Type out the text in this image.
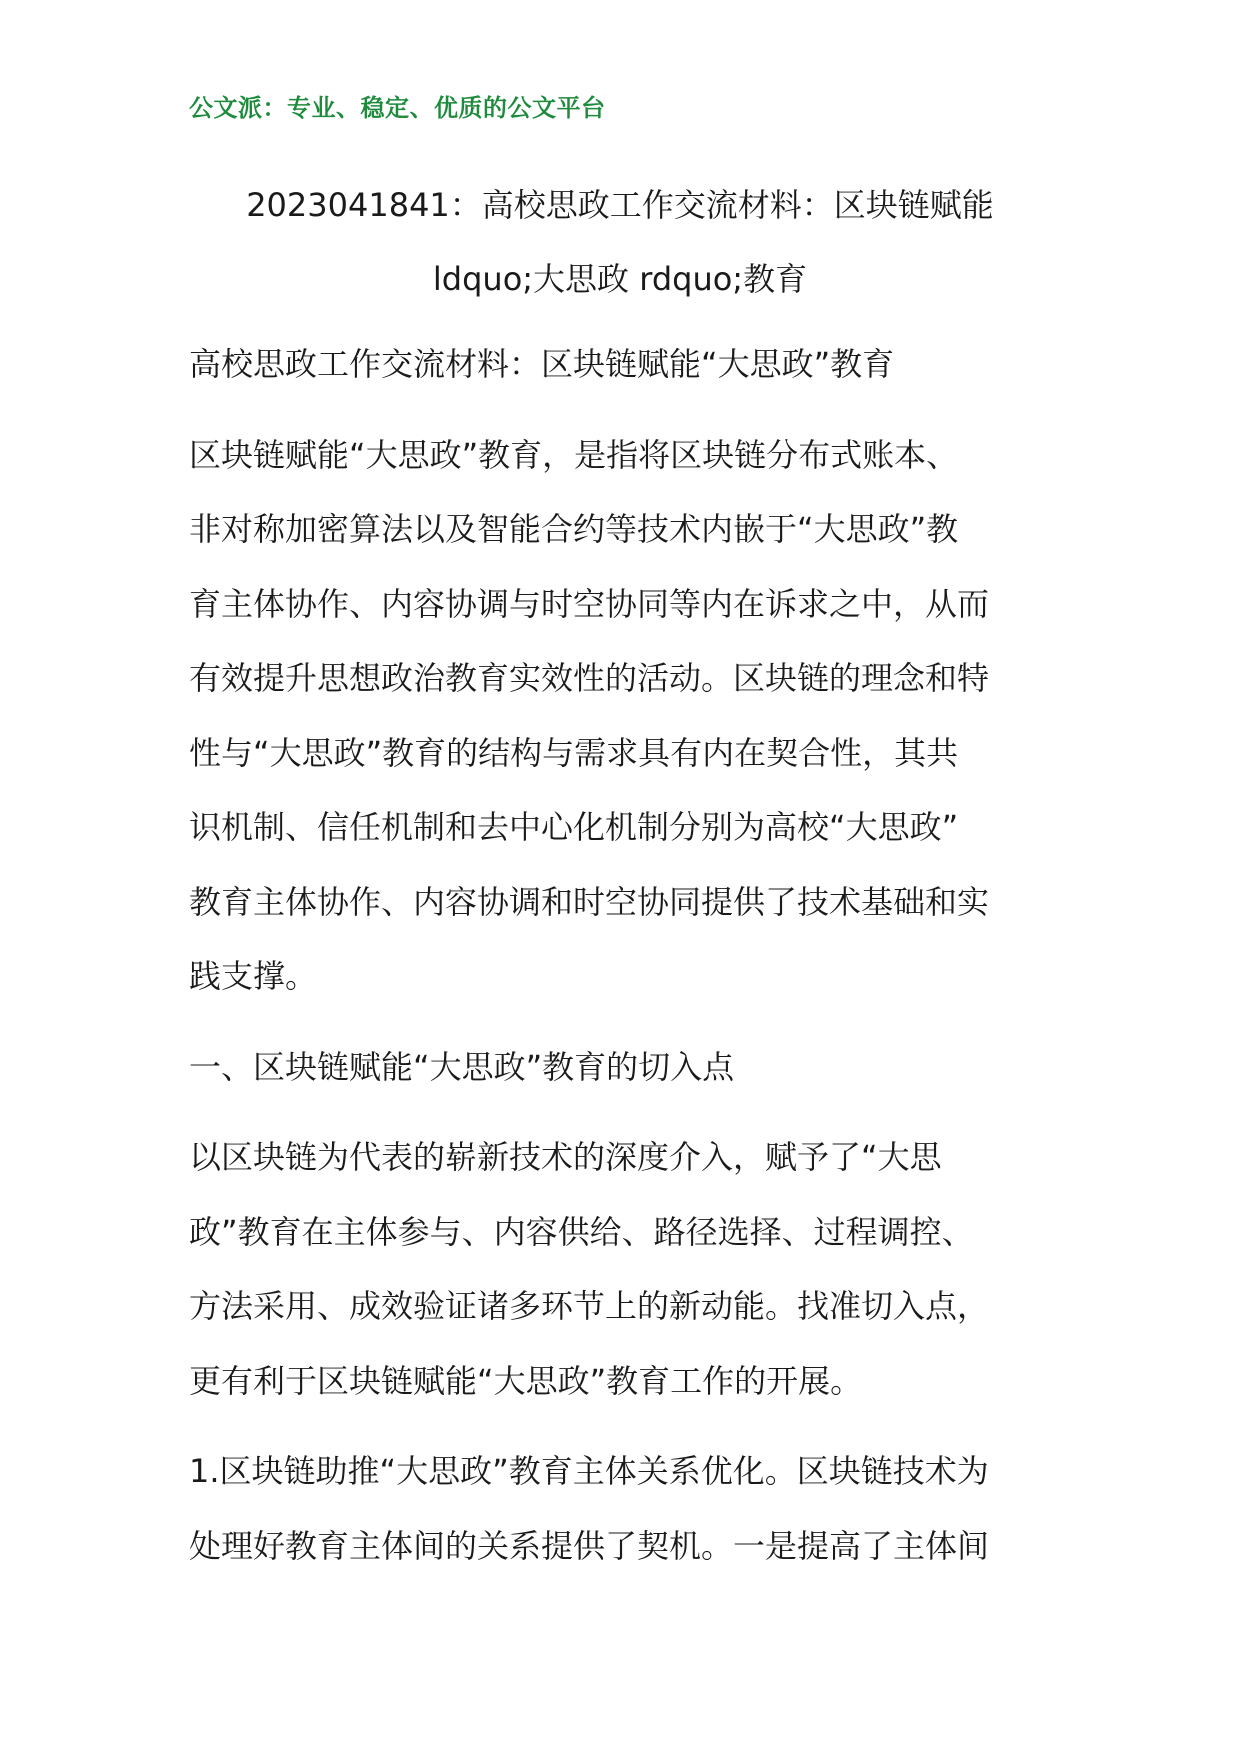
公文派：专业、稳定、优质的公文平台
2023041841：高校思政工作交流材料：区块链赋能
ldquo;大思政 rdquo;教育
高校思政工作交流材料：区块链赋能“大思政”教育
区块链赋能“大思政”教育，是指将区块链分布式账本、
非对称加密算法以及智能合约等技术内嵌于“大思政”教
育主体协作、内容协调与时空协同等内在诉求之中，从而
有效提升思想政治教育实效性的活动。区块链的理念和特
性与“大思政”教育的结构与需求具有内在契合性，其共
识机制、信任机制和去中心化机制分别为高校“大思政”
教育主体协作、内容协调和时空协同提供了技术基础和实
践支撑。
一、区块链赋能“大思政”教育的切入点
以区块链为代表的崭新技术的深度介入，赋予了“大思
政”教育在主体参与、内容供给、路径选择、过程调控、
方法采用、成效验证诸多环节上的新动能。找准切入点，
更有利于区块链赋能“大思政”教育工作的开展。
1.区块链助推“大思政”教育主体关系优化。区块链技术为
处理好教育主体间的关系提供了契机。一是提高了主体间
